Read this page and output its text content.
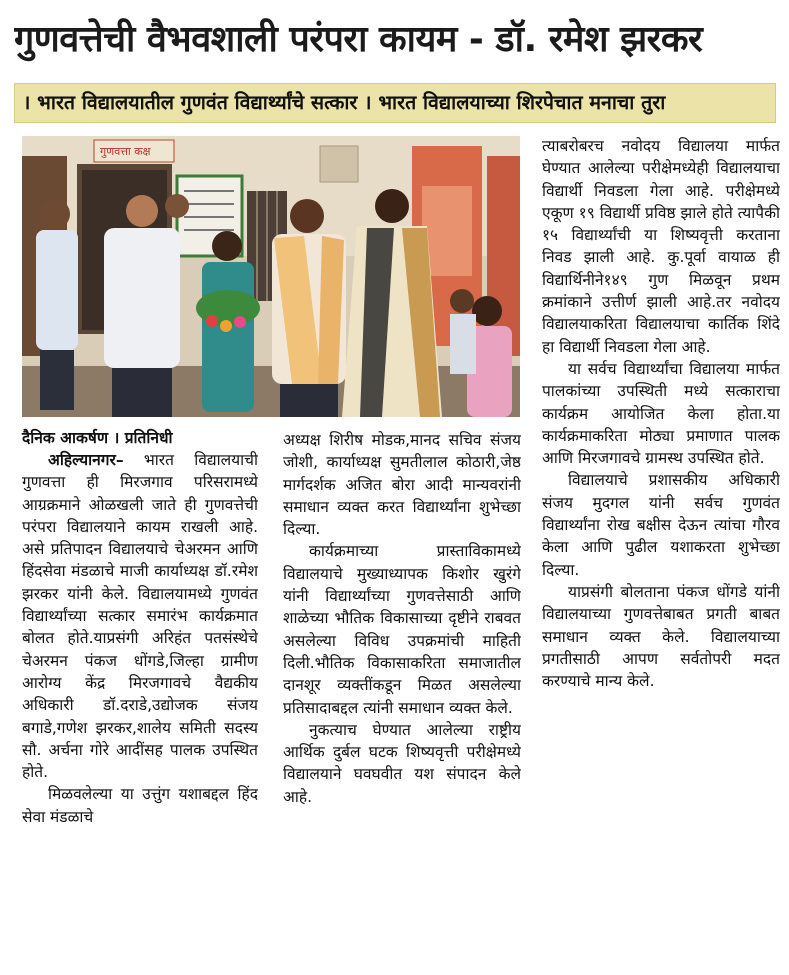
गुणवत्तेची वैभवशाली परंपरा कायम - डॉ. रमेश झरकर
। भारत विद्यालयातील गुणवंत विद्यार्थ्यांचे सत्कार । भारत विद्यालयाच्या शिरपेचात मनाचा तुरा
गुणवत्ता कक्ष
दैनिक आकर्षण । प्रतिनिधी

अहिल्यानगर– भारत विद्यालयाची गुणवत्ता ही मिरजगाव परिसरामध्ये आग्रक्रमाने ओळखली जाते ही गुणवत्तेची परंपरा विद्यालयाने कायम राखली आहे. असे प्रतिपादन विद्यालयाचे चेअरमन आणि हिंदसेवा मंडळाचे माजी कार्याध्यक्ष डॉ.रमेश झरकर यांनी केले. विद्यालयामध्ये गुणवंत विद्यार्थ्यांच्या सत्कार समारंभ कार्यक्रमात बोलत होते.याप्रसंगी अरिहंत पतसंस्थेचे चेअरमन पंकज धोंगडे,जिल्हा ग्रामीण आरोग्य केंद्र मिरजगावचे वैद्यकीय अधिकारी डॉ.दराडे,उद्योजक संजय बगाडे,गणेश झरकर,शालेय समिती सदस्य सौ. अर्चना गोरे आदींसह पालक उपस्थित होते.

मिळवलेल्या या उत्तुंग यशाबद्दल हिंद सेवा मंडळाचे

अध्यक्ष शिरीष मोडक,मानद सचिव संजय जोशी, कार्याध्यक्ष सुमतीलाल कोठारी,जेष्ठ मार्गदर्शक अजित बोरा आदी मान्यवरांनी समाधान व्यक्त करत विद्यार्थ्यांना शुभेच्छा दिल्या.

कार्यक्रमाच्या प्रास्ताविकामध्ये विद्यालयाचे मुख्याध्यापक किशोर खुरंगे यांनी विद्यार्थ्यांच्या गुणवत्तेसाठी आणि शाळेच्या भौतिक विकासाच्या दृष्टीने राबवत असलेल्या विविध उपक्रमांची माहिती दिली.भौतिक विकासाकरिता समाजातील दानशूर व्यक्तींकडून मिळत असलेल्या प्रतिसादाबद्दल त्यांनी समाधान व्यक्त केले.

नुकत्याच घेण्यात आलेल्या राष्ट्रीय आर्थिक दुर्बल घटक शिष्यवृत्ती परीक्षेमध्ये विद्यालयाने घवघवीत यश संपादन केले आहे.

त्याबरोबरच नवोदय विद्यालया मार्फत घेण्यात आलेल्या परीक्षेमध्येही विद्यालयाचा विद्यार्थी निवडला गेला आहे. परीक्षेमध्ये एकूण १९ विद्यार्थी प्रविष्ठ झाले होते त्यापैकी १५ विद्यार्थ्यांची या शिष्यवृत्ती करताना निवड झाली आहे. कु.पूर्वा वायाळ ही विद्यार्थिनीने१४९ गुण मिळवून प्रथम क्रमांकाने उत्तीर्ण झाली आहे.तर नवोदय विद्यालयाकरिता विद्यालयाचा कार्तिक शिंदे हा विद्यार्थी निवडला गेला आहे.

या सर्वच विद्यार्थ्यांचा विद्यालया मार्फत पालकांच्या उपस्थिती मध्ये सत्काराचा कार्यक्रम आयोजित केला होता.या कार्यक्रमाकरिता मोठ्या प्रमाणात पालक आणि मिरजगावचे ग्रामस्थ उपस्थित होते.

विद्यालयाचे प्रशासकीय अधिकारी संजय मुदगल यांनी सर्वच गुणवंत विद्यार्थ्यांना रोख बक्षीस देऊन त्यांचा गौरव केला आणि पुढील यशाकरता शुभेच्छा दिल्या.

याप्रसंगी बोलताना पंकज धोंगडे यांनी विद्यालयाच्या गुणवत्तेबाबत प्रगती बाबत समाधान व्यक्त केले. विद्यालयाच्या प्रगतीसाठी आपण सर्वतोपरी मदत करण्याचे मान्य केले.
